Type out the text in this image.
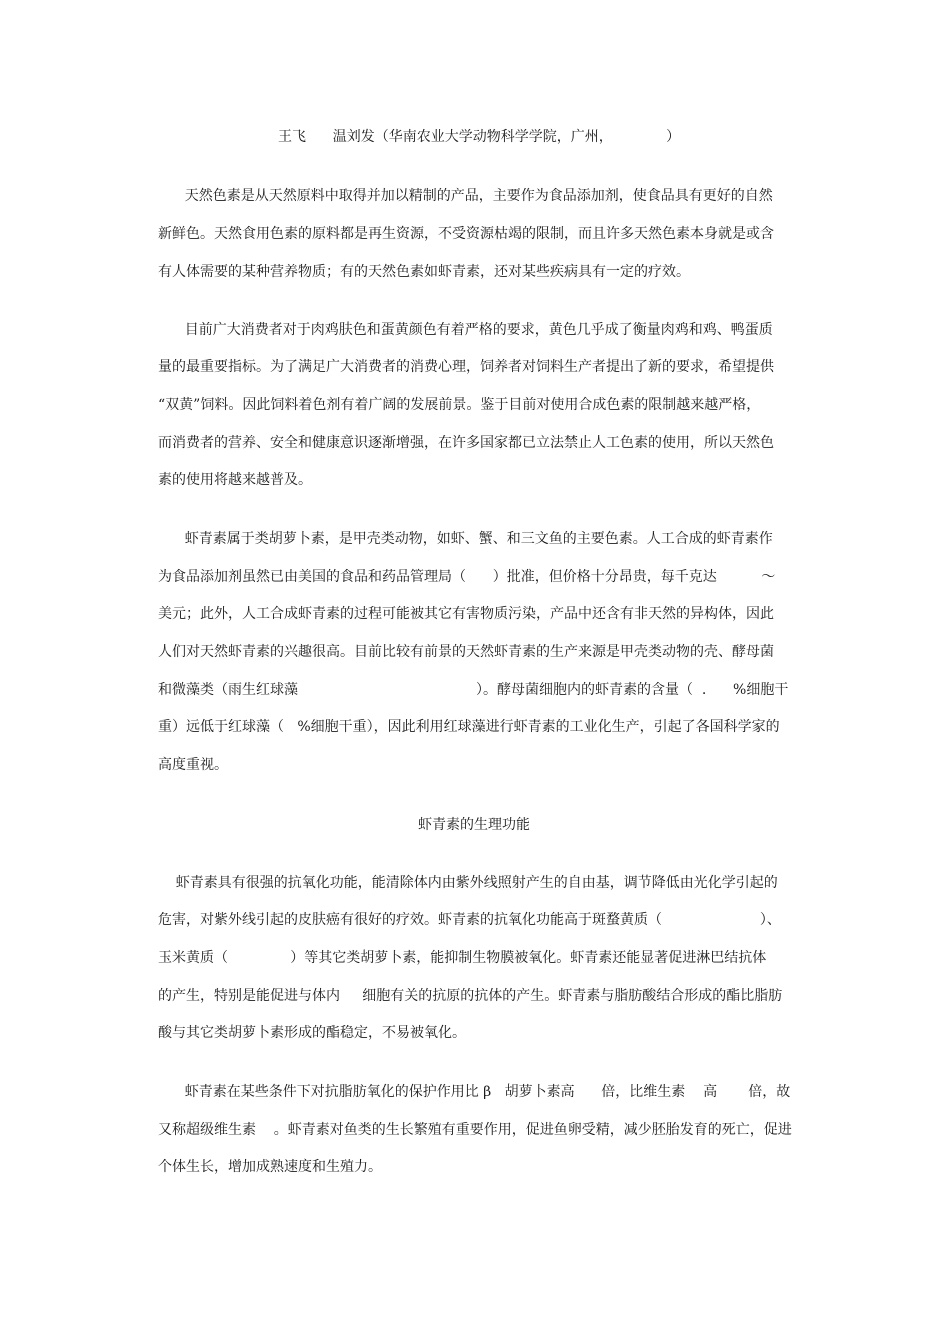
王飞      温刘发（华南农业大学动物科学学院，广州，            ）
天然色素是从天然原料中取得并加以精制的产品，主要作为食品添加剂，使食品具有更好的自然
新鲜色。天然食用色素的原料都是再生资源，不受资源枯竭的限制，而且许多天然色素本身就是或含
有人体需要的某种营养物质；有的天然色素如虾青素，还对某些疾病具有一定的疗效。
目前广大消费者对于肉鸡肤色和蛋黄颜色有着严格的要求，黄色几乎成了衡量肉鸡和鸡、鸭蛋质
量的最重要指标。为了满足广大消费者的消费心理，饲养者对饲料生产者提出了新的要求，希望提供
“双黄”饲料。因此饲料着色剂有着广阔的发展前景。鉴于目前对使用合成色素的限制越来越严格，
而消费者的营养、安全和健康意识逐渐增强，在许多国家都已立法禁止人工色素的使用，所以天然色
素的使用将越来越普及。
虾青素属于类胡萝卜素，是甲壳类动物，如虾、蟹、和三文鱼的主要色素。人工合成的虾青素作
为食品添加剂虽然已由美国的食品和药品管理局（      ）批准，但价格十分昂贵，每千克达          ～
美元；此外，人工合成虾青素的过程可能被其它有害物质污染，产品中还含有非天然的异构体，因此
人们对天然虾青素的兴趣很高。目前比较有前景的天然虾青素的生产来源是甲壳类动物的壳、酵母菌
和微藻类（雨生红球藻                                        ）。酵母菌细胞内的虾青素的含量（  .      %细胞干
重）远低于红球藻（   %细胞干重），因此利用红球藻进行虾青素的工业化生产，引起了各国科学家的
高度重视。
虾青素的生理功能
虾青素具有很强的抗氧化功能，能清除体内由紫外线照射产生的自由基，调节降低由光化学引起的
危害，对紫外线引起的皮肤癌有很好的疗效。虾青素的抗氧化功能高于斑蝥黄质（                      ）、
玉米黄质（              ）等其它类胡萝卜素，能抑制生物膜被氧化。虾青素还能显著促进淋巴结抗体
的产生，特别是能促进与体内     细胞有关的抗原的抗体的产生。虾青素与脂肪酸结合形成的酯比脂肪
酸与其它类胡萝卜素形成的酯稳定，不易被氧化。
虾青素在某些条件下对抗脂肪氧化的保护作用比 β   胡萝卜素高      倍，比维生素    高       倍，故
又称超级维生素    。虾青素对鱼类的生长繁殖有重要作用，促进鱼卵受精，减少胚胎发育的死亡，促进
个体生长，增加成熟速度和生殖力。
